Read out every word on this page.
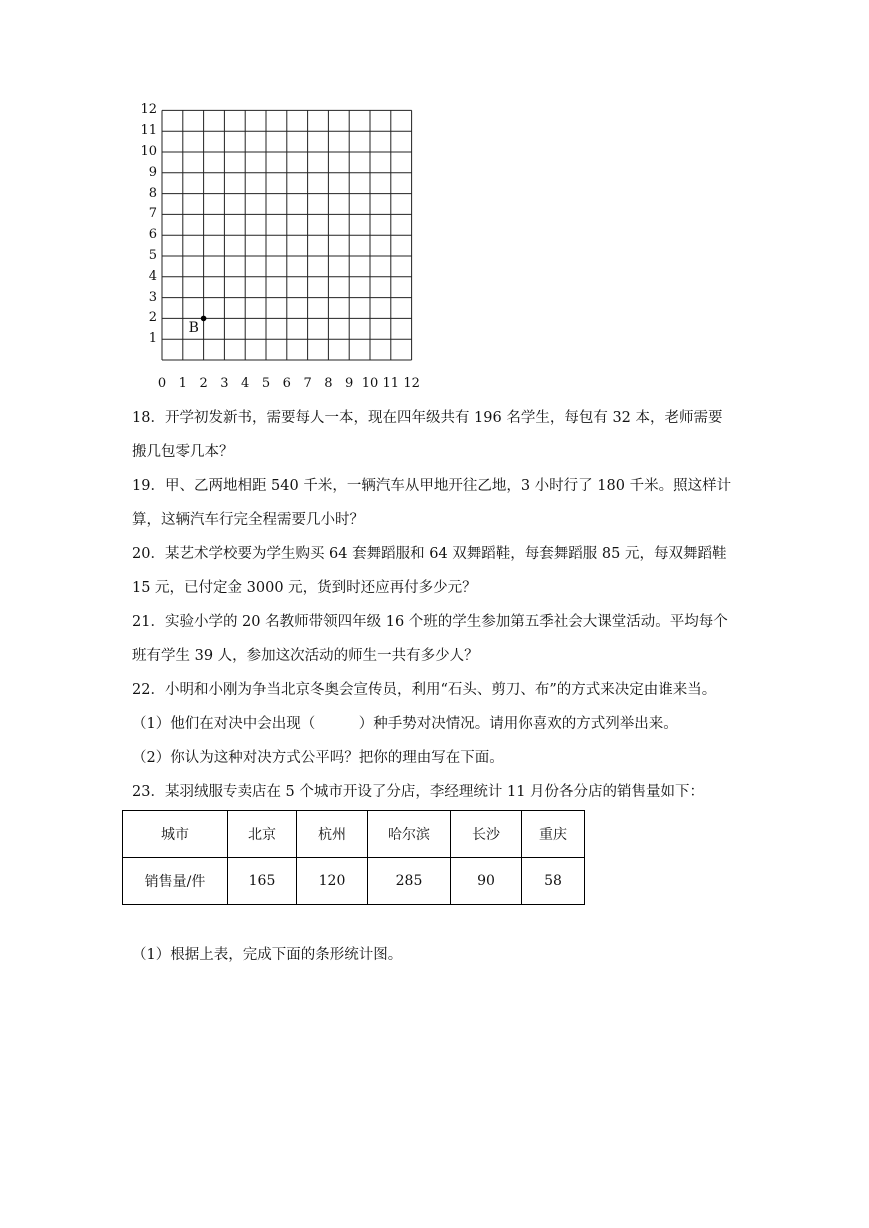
12
11
10
9
8
7
6
5
4
3
2
1
0 1 2 3 4 5 6 7 8 9 10 11 12
B
18．开学初发新书，需要每人一本，现在四年级共有 196 名学生，每包有 32 本，老师需要
搬几包零几本？
19．甲、乙两地相距 540 千米，一辆汽车从甲地开往乙地，3 小时行了 180 千米。照这样计
算，这辆汽车行完全程需要几小时？
20．某艺术学校要为学生购买 64 套舞蹈服和 64 双舞蹈鞋，每套舞蹈服 85 元，每双舞蹈鞋
15 元，已付定金 3000 元，货到时还应再付多少元？
21．实验小学的 20 名教师带领四年级 16 个班的学生参加第五季社会大课堂活动。平均每个
班有学生 39 人，参加这次活动的师生一共有多少人？
22．小明和小刚为争当北京冬奥会宣传员，利用“石头、剪刀、布”的方式来决定由谁来当。
（1）他们在对决中会出现（　　　）种手势对决情况。请用你喜欢的方式列举出来。
（2）你认为这种对决方式公平吗？把你的理由写在下面。
23．某羽绒服专卖店在 5 个城市开设了分店，李经理统计 11 月份各分店的销售量如下：
城市	北京	杭州	哈尔滨	长沙	重庆
销售量/件	165	120	285	90	58
（1）根据上表，完成下面的条形统计图。
